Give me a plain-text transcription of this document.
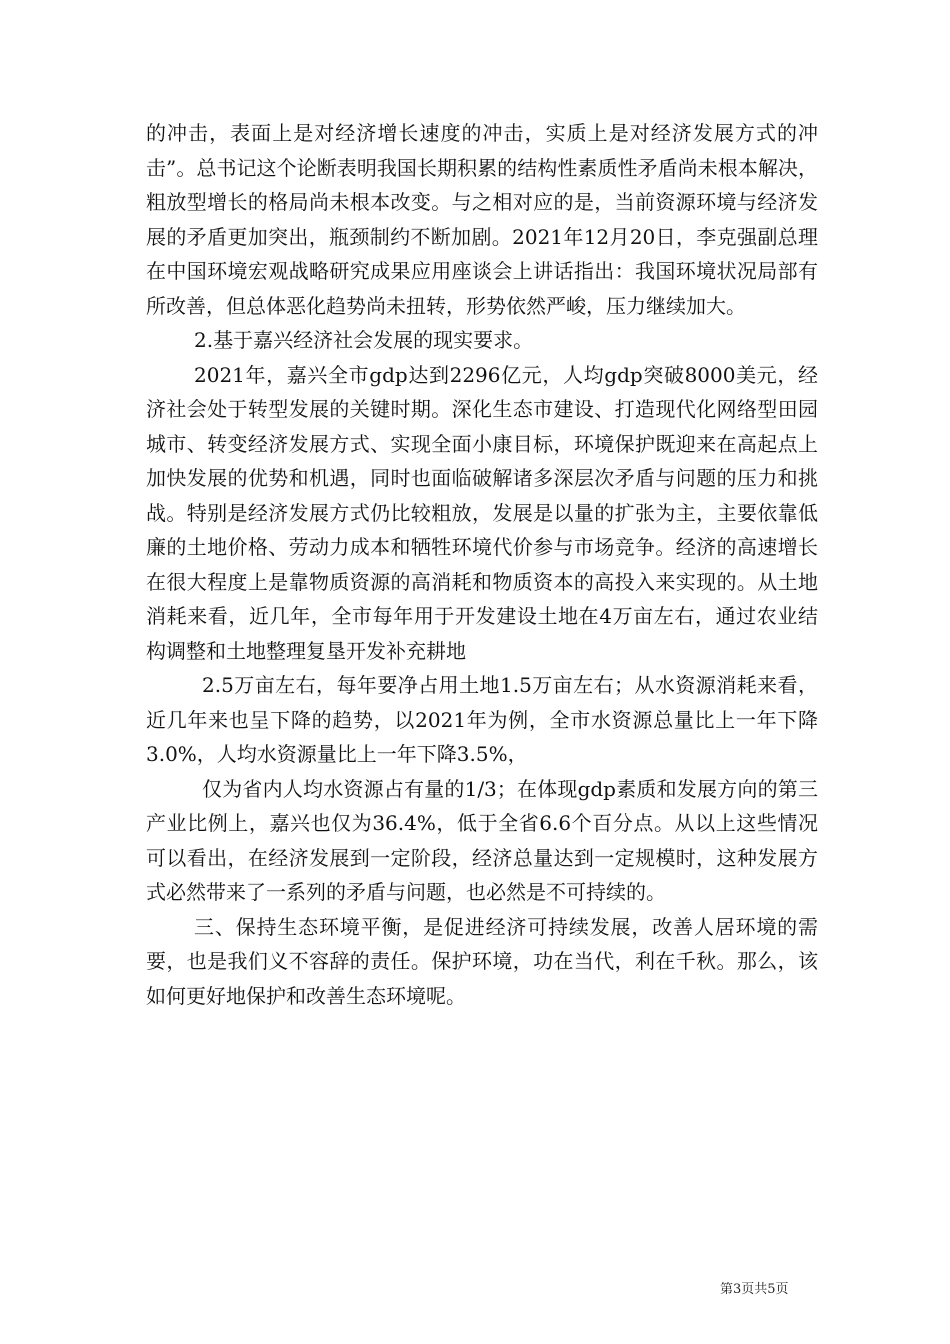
的冲击，表面上是对经济增长速度的冲击，实质上是对经济发展方式的冲击”。总书记这个论断表明我国长期积累的结构性素质性矛盾尚未根本解决，粗放型增长的格局尚未根本改变。与之相对应的是，当前资源环境与经济发展的矛盾更加突出，瓶颈制约不断加剧。2021年12月20日，李克强副总理在中国环境宏观战略研究成果应用座谈会上讲话指出：我国环境状况局部有所改善，但总体恶化趋势尚未扭转，形势依然严峻，压力继续加大。

2.基于嘉兴经济社会发展的现实要求。

2021年，嘉兴全市gdp达到2296亿元，人均gdp突破8000美元，经济社会处于转型发展的关键时期。深化生态市建设、打造现代化网络型田园城市、转变经济发展方式、实现全面小康目标，环境保护既迎来在高起点上加快发展的优势和机遇，同时也面临破解诸多深层次矛盾与问题的压力和挑战。特别是经济发展方式仍比较粗放，发展是以量的扩张为主，主要依靠低廉的土地价格、劳动力成本和牺牲环境代价参与市场竞争。经济的高速增长在很大程度上是靠物质资源的高消耗和物质资本的高投入来实现的。从土地消耗来看，近几年，全市每年用于开发建设土地在4万亩左右，通过农业结构调整和土地整理复垦开发补充耕地

2.5万亩左右，每年要净占用土地1.5万亩左右；从水资源消耗来看，近几年来也呈下降的趋势，以2021年为例，全市水资源总量比上一年下降3.0%，人均水资源量比上一年下降3.5%，

仅为省内人均水资源占有量的1/3；在体现gdp素质和发展方向的第三产业比例上，嘉兴也仅为36.4%，低于全省6.6个百分点。从以上这些情况可以看出，在经济发展到一定阶段，经济总量达到一定规模时，这种发展方式必然带来了一系列的矛盾与问题，也必然是不可持续的。

三、保持生态环境平衡，是促进经济可持续发展，改善人居环境的需要，也是我们义不容辞的责任。保护环境，功在当代，利在千秋。那么，该如何更好地保护和改善生态环境呢。

第3页共5页
